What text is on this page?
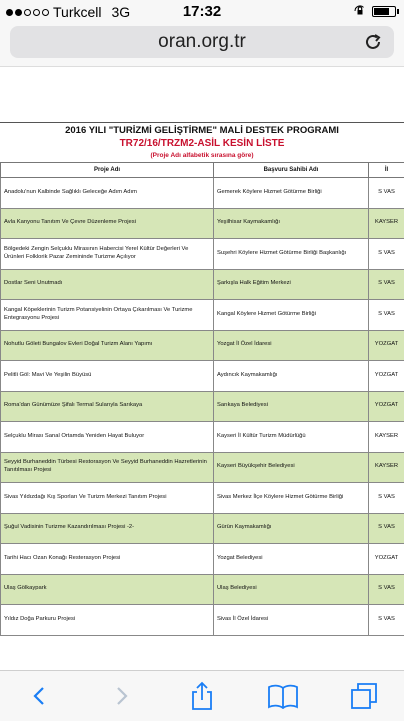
Turkcell 3G	17:32
oran.org.tr
2016 YILI "TURİZMİ GELİŞTİRME" MALİ DESTEK PROGRAMI
TR72/16/TRZM2-ASİL KESİN LİSTE
(Proje Adı alfabetik sırasına göre)
Proje Adı	Başvuru Sahibi Adı	İl
Anadolu'nun Kalbinde Sağlıklı Geleceğe Adım Adım	Gemerek Köylere Hizmet Götürme Birliği	S VAS
Avla Kanyonu Tanıtım Ve Çevre Düzenleme Projesi	Yeşilhisar Kaymakamlığı	KAYSER
Bölgedeki Zengin Selçuklu Mirasının Habercisi Yerel Kültür Değerleri Ve Ürünleri Folklorik Pazar Zemininde Turizme Açılıyor	Suşehri Köylere Hizmet Götürme Birliği Başkanlığı	S VAS
Dostlar Seni Unutmadı	Şarkışla Halk Eğitim Merkezi	S VAS
Kangal Köpeklerinin Turizm Potansiyelinin Ortaya Çıkarılması Ve Turizme Entegrasyonu Projesi	Kangal Köylere Hizmet Götürme Birliği	S VAS
Nohutlu Göleti Bungalov Evleri Doğal Turizm Alanı Yapımı	Yozgat İl Özel İdaresi	YOZGAT
Pelitli Göl: Mavi Ve Yeşilin Büyüsü	Aydıncık Kaymakamlığı	YOZGAT
Roma'dan Günümüze Şifalı Termal Sularıyla Sarıkaya	Sarıkaya Belediyesi	YOZGAT
Selçuklu Mirası Sanal Ortamda Yeniden Hayat Buluyor	Kayseri İl Kültür Turizm Müdürlüğü	KAYSER
Seyyid Burhaneddin Türbesi Restorasyon Ve Seyyid Burhaneddin Hazretlerinin Tanıtılması Projesi	Kayseri Büyükşehir Belediyesi	KAYSER
Sivas Yıldızdağı Kış Sporları Ve Turizm Merkezi Tanıtım Projesi	Sivas Merkez İlçe Köylere Hizmet Götürme Birliği	S VAS
Şuğul Vadisinin Turizme Kazandırılması Projesi -2-	Gürün Kaymakamlığı	S VAS
Tarihi Hacı Ozan Konağı Resterasyon Projesi	Yozgat Belediyesi	YOZGAT
Ulaş Gölkaypark	Ulaş Belediyesi	S VAS
Yıldız Doğa Parkuru Projesi	Sivas İl Özel İdaresi	S VAS
